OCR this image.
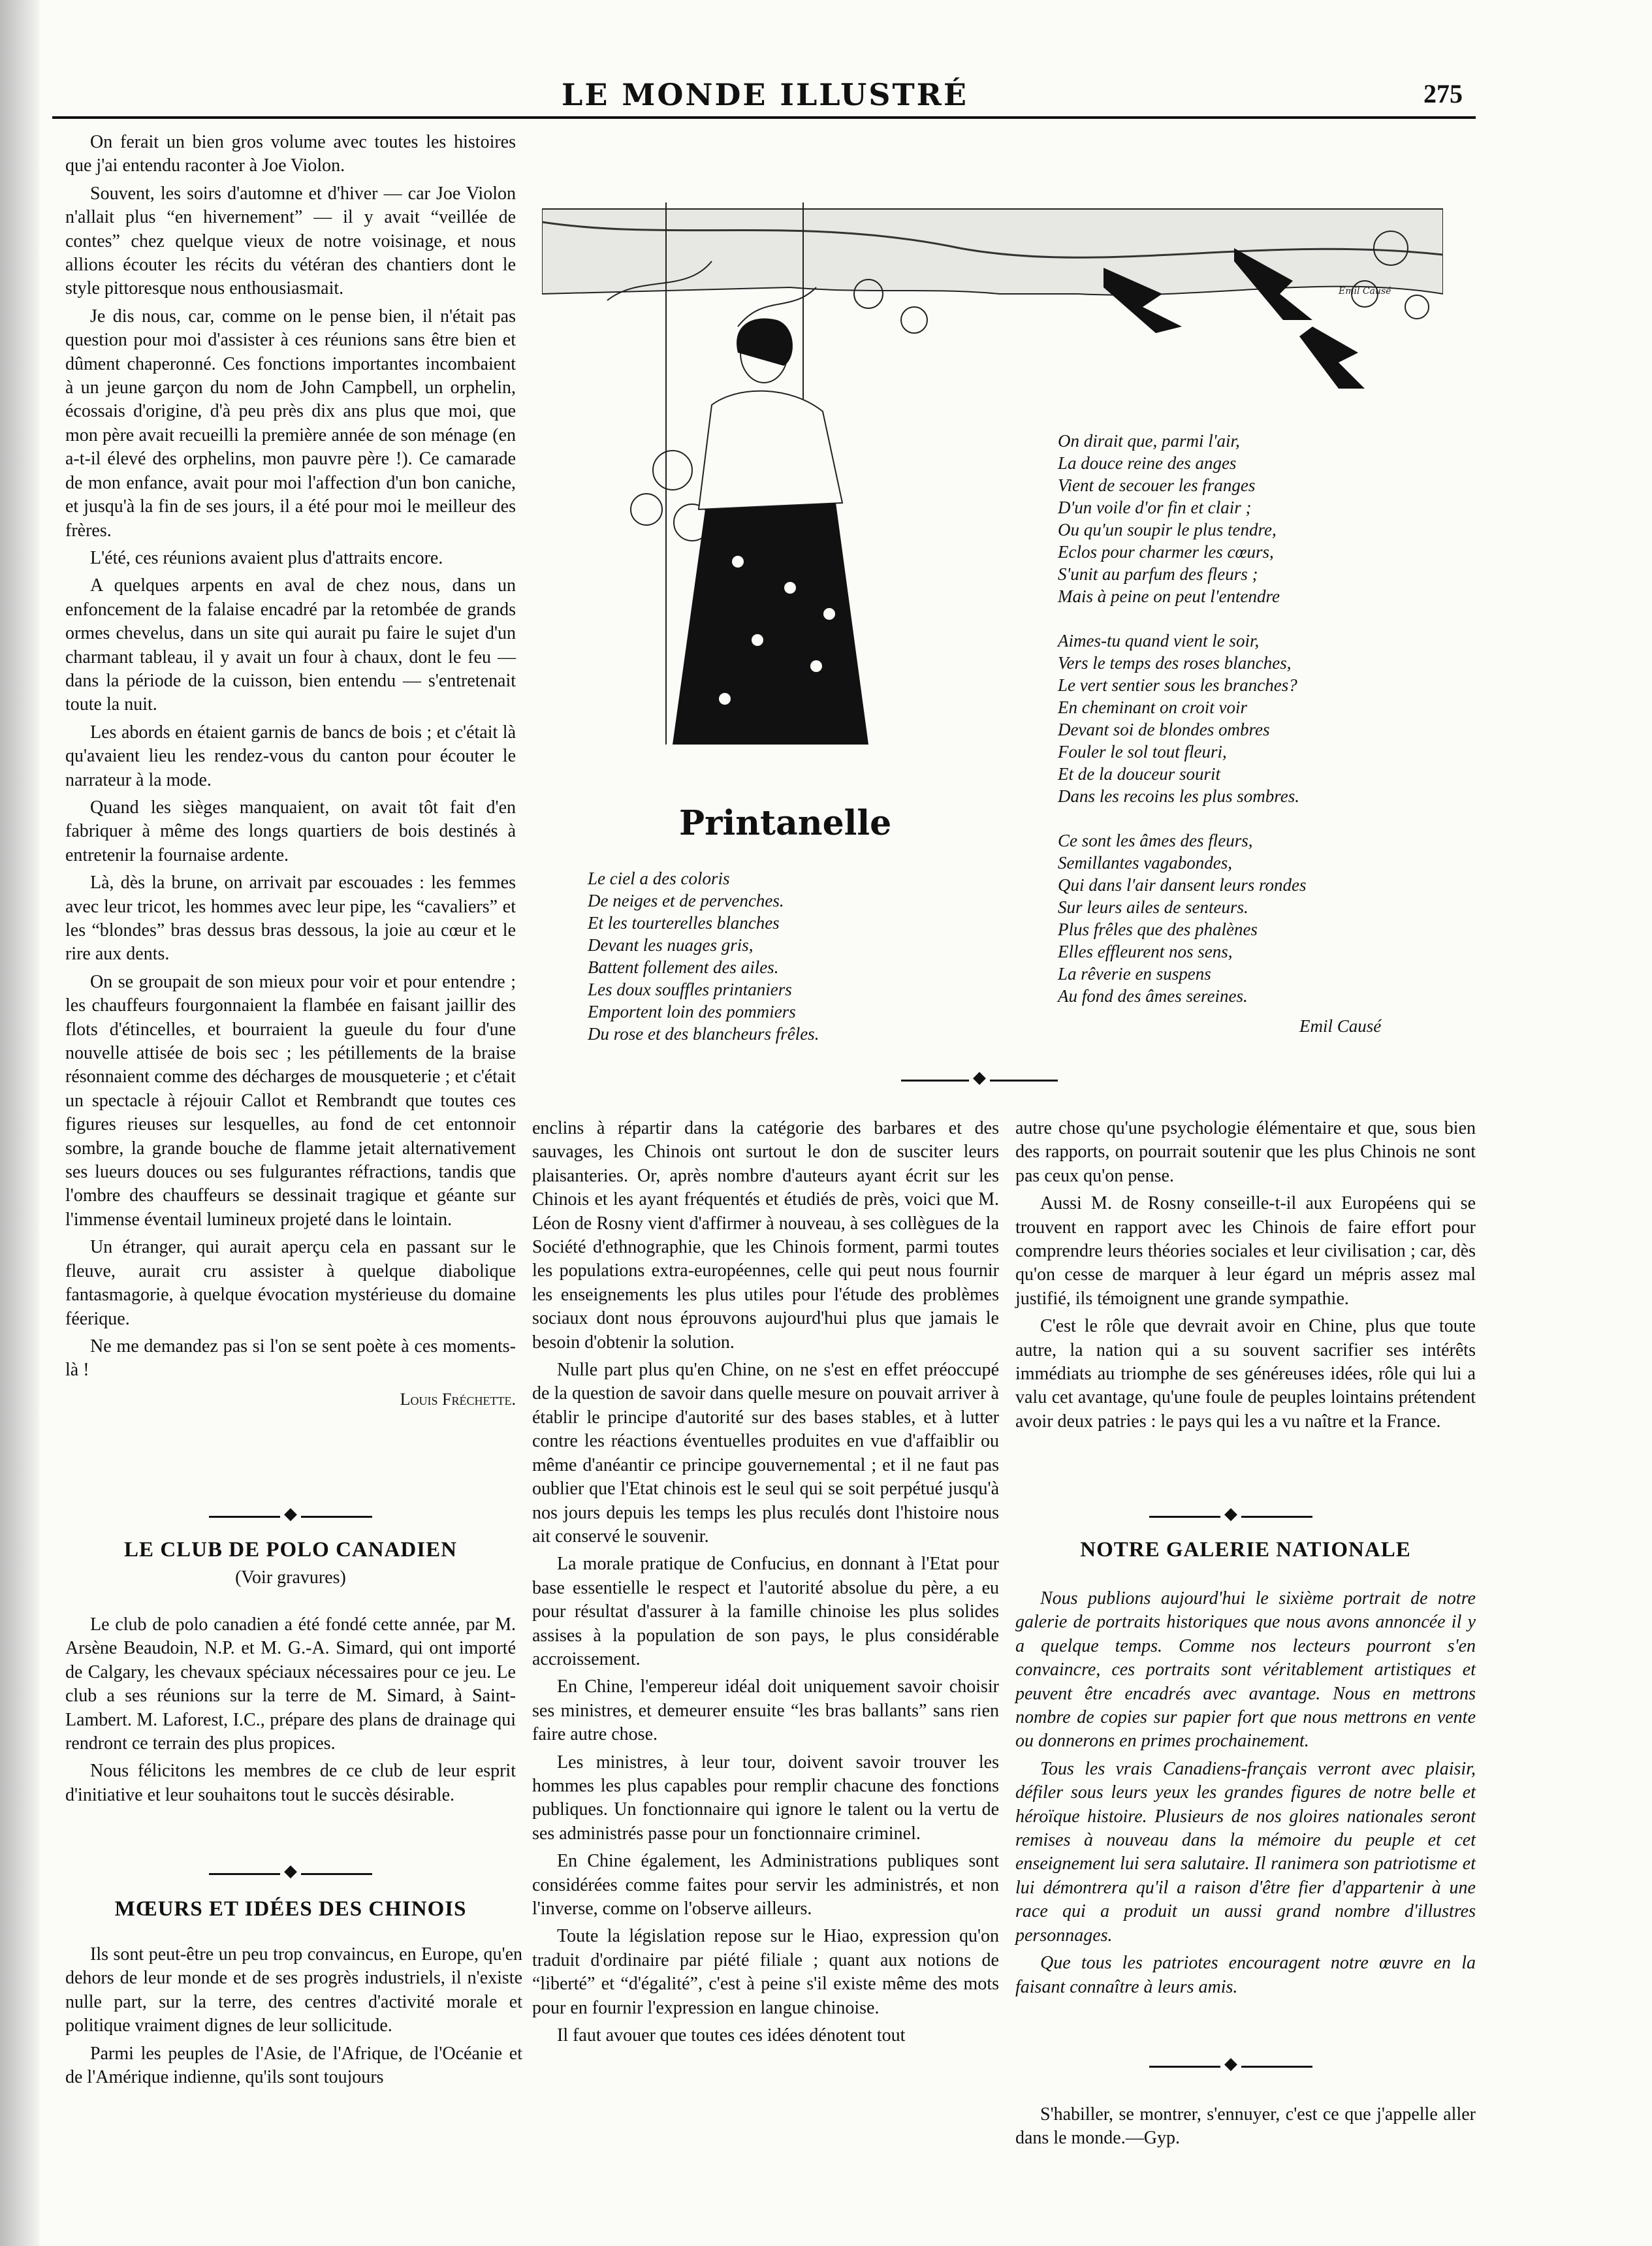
LE MONDE ILLUSTRÉ	275

On ferait un bien gros volume avec toutes les histoires que j'ai entendu raconter à Joe Violon.

Souvent, les soirs d'automne et d'hiver — car Joe Violon n'allait plus “en hivernement” — il y avait “veillée de contes” chez quelque vieux de notre voisinage, et nous allions écouter les récits du vétéran des chantiers dont le style pittoresque nous enthousiasmait.

Je dis nous, car, comme on le pense bien, il n'était pas question pour moi d'assister à ces réunions sans être bien et dûment chaperonné. Ces fonctions importantes incombaient à un jeune garçon du nom de John Campbell, un orphelin, écossais d'origine, d'à peu près dix ans plus que moi, que mon père avait recueilli la première année de son ménage (en a-t-il élevé des orphelins, mon pauvre père !). Ce camarade de mon enfance, avait pour moi l'affection d'un bon caniche, et jusqu'à la fin de ses jours, il a été pour moi le meilleur des frères.

L'été, ces réunions avaient plus d'attraits encore.

A quelques arpents en aval de chez nous, dans un enfoncement de la falaise encadré par la retombée de grands ormes chevelus, dans un site qui aurait pu faire le sujet d'un charmant tableau, il y avait un four à chaux, dont le feu — dans la période de la cuisson, bien entendu — s'entretenait toute la nuit.

Les abords en étaient garnis de bancs de bois ; et c'était là qu'avaient lieu les rendez-vous du canton pour écouter le narrateur à la mode.

Quand les sièges manquaient, on avait tôt fait d'en fabriquer à même des longs quartiers de bois destinés à entretenir la fournaise ardente.

Là, dès la brune, on arrivait par escouades : les femmes avec leur tricot, les hommes avec leur pipe, les “cavaliers” et les “blondes” bras dessus bras dessous, la joie au cœur et le rire aux dents.

On se groupait de son mieux pour voir et pour entendre ; les chauffeurs fourgonnaient la flambée en faisant jaillir des flots d'étincelles, et bourraient la gueule du four d'une nouvelle attisée de bois sec ; les pétillements de la braise résonnaient comme des décharges de mousqueterie ; et c'était un spectacle à réjouir Callot et Rembrandt que toutes ces figures rieuses sur lesquelles, au fond de cet entonnoir sombre, la grande bouche de flamme jetait alternativement ses lueurs douces ou ses fulgurantes réfractions, tandis que l'ombre des chauffeurs se dessinait tragique et géante sur l'immense éventail lumineux projeté dans le lointain.

Un étranger, qui aurait aperçu cela en passant sur le fleuve, aurait cru assister à quelque diabolique fantasmagorie, à quelque évocation mystérieuse du domaine féerique.

Ne me demandez pas si l'on se sent poète à ces moments-là !

Louis Fréchette.
◆
LE CLUB DE POLO CANADIEN
(Voir gravures)

Le club de polo canadien a été fondé cette année, par M. Arsène Beaudoin, N.P. et M. G.-A. Simard, qui ont importé de Calgary, les chevaux spéciaux nécessaires pour ce jeu. Le club a ses réunions sur la terre de M. Simard, à Saint-Lambert. M. Laforest, I.C., prépare des plans de drainage qui rendront ce terrain des plus propices.

Nous félicitons les membres de ce club de leur esprit d'initiative et leur souhaitons tout le succès désirable.

◆
MŒURS ET IDÉES DES CHINOIS

Ils sont peut-être un peu trop convaincus, en Europe, qu'en dehors de leur monde et de ses progrès industriels, il n'existe nulle part, sur la terre, des centres d'activité morale et politique vraiment dignes de leur sollicitude.

Parmi les peuples de l'Asie, de l'Afrique, de l'Océanie et de l'Amérique indienne, qu'ils sont toujours

Emil Causé
Printanelle
Le ciel a des coloris
De neiges et de pervenches.
Et les tourterelles blanches
Devant les nuages gris,
Battent follement des ailes.
Les doux souffles printaniers
Emportent loin des pommiers
Du rose et des blancheurs frêles.
On dirait que, parmi l'air,
La douce reine des anges
Vient de secouer les franges
D'un voile d'or fin et clair ;
Ou qu'un soupir le plus tendre,
Eclos pour charmer les cœurs,
S'unit au parfum des fleurs ;
Mais à peine on peut l'entendre
Aimes-tu quand vient le soir,
Vers le temps des roses blanches,
Le vert sentier sous les branches?
En cheminant on croit voir
Devant soi de blondes ombres
Fouler le sol tout fleuri,
Et de la douceur sourit
Dans les recoins les plus sombres.
Ce sont les âmes des fleurs,
Semillantes vagabondes,
Qui dans l'air dansent leurs rondes
Sur leurs ailes de senteurs.
Plus frêles que des phalènes
Elles effleurent nos sens,
La rêverie en suspens
Au fond des âmes sereines.
Emil Causé
◆

enclins à répartir dans la catégorie des barbares et des sauvages, les Chinois ont surtout le don de susciter leurs plaisanteries. Or, après nombre d'auteurs ayant écrit sur les Chinois et les ayant fréquentés et étudiés de près, voici que M. Léon de Rosny vient d'affirmer à nouveau, à ses collègues de la Société d'ethnographie, que les Chinois forment, parmi toutes les populations extra-européennes, celle qui peut nous fournir les enseignements les plus utiles pour l'étude des problèmes sociaux dont nous éprouvons aujourd'hui plus que jamais le besoin d'obtenir la solution.

Nulle part plus qu'en Chine, on ne s'est en effet préoccupé de la question de savoir dans quelle mesure on pouvait arriver à établir le principe d'autorité sur des bases stables, et à lutter contre les réactions éventuelles produites en vue d'affaiblir ou même d'anéantir ce principe gouvernemental ; et il ne faut pas oublier que l'Etat chinois est le seul qui se soit perpétué jusqu'à nos jours depuis les temps les plus reculés dont l'histoire nous ait conservé le souvenir.

La morale pratique de Confucius, en donnant à l'Etat pour base essentielle le respect et l'autorité absolue du père, a eu pour résultat d'assurer à la famille chinoise les plus solides assises à la population de son pays, le plus considérable accroissement.

En Chine, l'empereur idéal doit uniquement savoir choisir ses ministres, et demeurer ensuite “les bras ballants” sans rien faire autre chose.

Les ministres, à leur tour, doivent savoir trouver les hommes les plus capables pour remplir chacune des fonctions publiques. Un fonctionnaire qui ignore le talent ou la vertu de ses administrés passe pour un fonctionnaire criminel.

En Chine également, les Administrations publiques sont considérées comme faites pour servir les administrés, et non l'inverse, comme on l'observe ailleurs.

Toute la législation repose sur le Hiao, expression qu'on traduit d'ordinaire par piété filiale ; quant aux notions de “liberté” et “d'égalité”, c'est à peine s'il existe même des mots pour en fournir l'expression en langue chinoise.

Il faut avouer que toutes ces idées dénotent tout

autre chose qu'une psychologie élémentaire et que, sous bien des rapports, on pourrait soutenir que les plus Chinois ne sont pas ceux qu'on pense.

Aussi M. de Rosny conseille-t-il aux Européens qui se trouvent en rapport avec les Chinois de faire effort pour comprendre leurs théories sociales et leur civilisation ; car, dès qu'on cesse de marquer à leur égard un mépris assez mal justifié, ils témoignent une grande sympathie.

C'est le rôle que devrait avoir en Chine, plus que toute autre, la nation qui a su souvent sacrifier ses intérêts immédiats au triomphe de ses généreuses idées, rôle qui lui a valu cet avantage, qu'une foule de peuples lointains prétendent avoir deux patries : le pays qui les a vu naître et la France.

◆
NOTRE GALERIE NATIONALE

Nous publions aujourd'hui le sixième portrait de notre galerie de portraits historiques que nous avons annoncée il y a quelque temps. Comme nos lecteurs pourront s'en convaincre, ces portraits sont véritablement artistiques et peuvent être encadrés avec avantage. Nous en mettrons nombre de copies sur papier fort que nous mettrons en vente ou donnerons en primes prochainement.

Tous les vrais Canadiens-français verront avec plaisir, défiler sous leurs yeux les grandes figures de notre belle et héroïque histoire. Plusieurs de nos gloires nationales seront remises à nouveau dans la mémoire du peuple et cet enseignement lui sera salutaire. Il ranimera son patriotisme et lui démontrera qu'il a raison d'être fier d'appartenir à une race qui a produit un aussi grand nombre d'illustres personnages.

Que tous les patriotes encouragent notre œuvre en la faisant connaître à leurs amis.

◆

S'habiller, se montrer, s'ennuyer, c'est ce que j'appelle aller dans le monde.—Gyp.
